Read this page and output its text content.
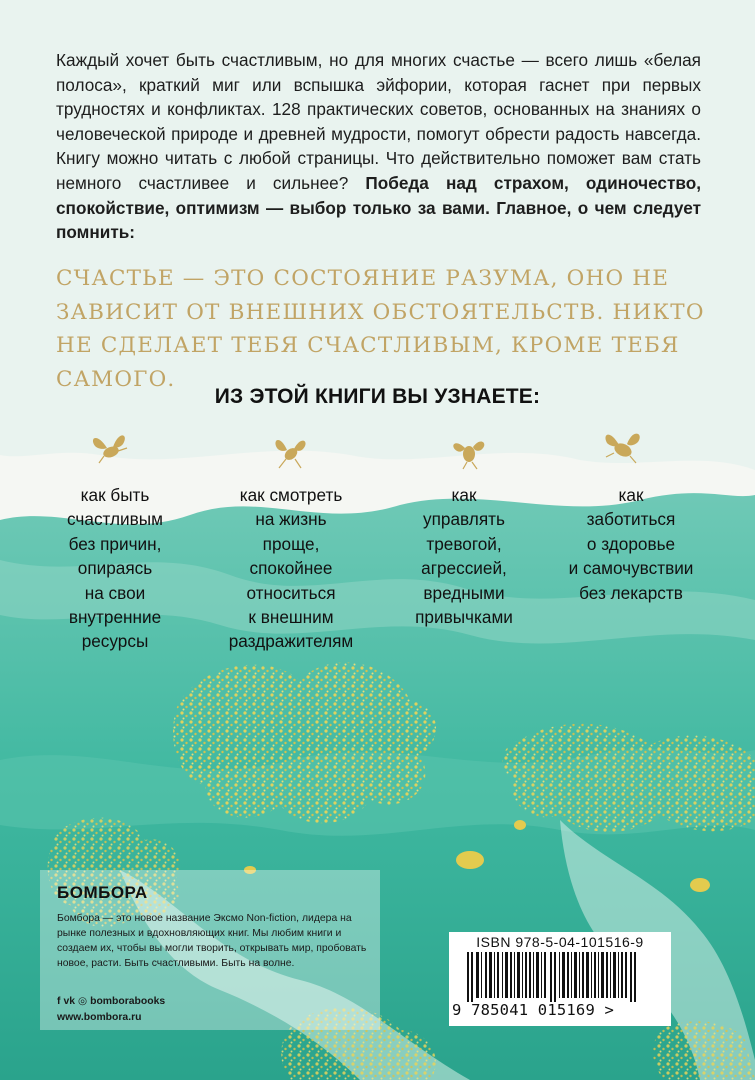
Каждый хочет быть счастливым, но для многих счастье — всего лишь «белая полоса», краткий миг или вспышка эйфории, которая гаснет при первых трудностях и конфликтах. 128 практических советов, основанных на знаниях о человеческой природе и древней мудрости, помогут обрести радость навсегда. Книгу можно читать с любой страницы. Что действительно поможет вам стать немного счастливее и сильнее? Победа над страхом, одиночество, спокойствие, оптимизм — выбор только за вами. Главное, о чем следует помнить:
СЧАСТЬЕ — ЭТО СОСТОЯНИЕ РАЗУМА, ОНО НЕ ЗАВИСИТ ОТ ВНЕШНИХ ОБСТОЯТЕЛЬСТВ. НИКТО НЕ СДЕЛАЕТ ТЕБЯ СЧАСТЛИВЫМ, КРОМЕ ТЕБЯ САМОГО.
ИЗ ЭТОЙ КНИГИ ВЫ УЗНАЕТЕ:
как быть
счастливым
без причин,
опираясь
на свои
внутренние
ресурсы
как смотреть
на жизнь
проще,
спокойнее
относиться
к внешним
раздражителям
как
управлять
тревогой,
агрессией,
вредными
привычками
как
заботиться
о здоровье
и самочувствии
без лекарств
БОМБОРА
Бомбора — это новое название Эксмо Non-fiction, лидера на рынке полезных и вдохновляющих книг. Мы любим книги и создаем их, чтобы вы могли творить, открывать мир, пробовать новое, расти. Быть счастливыми. Быть на волне.
f vk ◎ bomborabooks
www.bombora.ru
ISBN 978-5-04-101516-9
9 785041 015169 >
